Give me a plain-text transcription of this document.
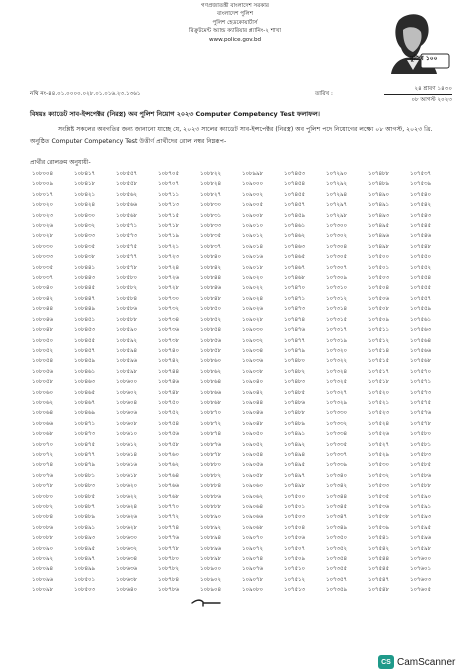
গণপ্রজাতন্ত্রী বাংলাদেশ সরকার
বাংলাদেশ পুলিশ
পুলিশ হেডকোয়ার্টার্স
রিক্রুটমেন্ট অ্যান্ড ক্যারিয়ার প্ল্যানিং-২ শাখা
www.police.gov.bd
মুজিব ১০০
নথি নং-৪৪.০১.০০০০.০২৮.০১.০১৬.২৩.১৩৬১	তারিখ :
২৪ শ্রাবণ ১৪৩০
০৮ আগস্ট ২০২৩
বিষয়ঃ ক্যাডেট সাব-ইন্সপেক্টর (নিরস্ত্র) অব পুলিশ নিয়োগ ২০২৩ Computer Competency Test ফলাফল।
সংশ্লিষ্ট সকলের অবগতির জন্য জানানো যাচ্ছে যে, ২০২৩ সালের ক্যাডেট সাব-ইন্সপেক্টর (নিরস্ত্র) অব পুলিশ পদে নিয়োগের লক্ষ্যে ০৮ আগস্ট, ২০২৩ খ্রি. অনুষ্ঠিত Computer Competency Test উত্তীর্ণ প্রার্থীদের রোল নম্বর নিম্নরূপ-
প্রার্থীর রোলক্রম অনুযায়ী-
১০৮০০৪	১০৮৪১৭	১০৮৫৫৭	১০৮৭০৫	১০৮৮২২	১০৮৯৯৮	১০৭৪৫৩	১০৭২৯০	১০৭৪৮৮	১০৭৫৩৭
১০৮০০৯	১০৮৪১৮	১০৮৫৫৮	১০৮৭০৭	১০৮৮২৪	১০৯০০০	১০৭৪৫৪	১০৭২৯২	১০৭৪৮৯	১০৭৫৩৯
১০৮০১৭	১০৮৪২১	১০৮৫৬২	১০৮৭১১	১০৮৮২৭	১০৯০০২	১০৭৪৫৫	১০৭২৯৪	১০৭৪৯০	১০৭৫৪০
১০৮০২০	১০৮৪২৪	১০৮৫৬৬	১০৮৭১৩	১০৮৮৩০	১০৯০০৫	১০৭৪৫৭	১০৭২৯৭	১০৭৪৯১	১০৭৫৪২
১০৮০২৩	১০৮৪৩০	১০৮৫৬৮	১০৮৭১৫	১০৮৮৩১	১০৯০০৮	১০৭৪৫৯	১০৭২৯৮	১০৭৪৯৩	১০৭৫৪৩
১০৮০২৬	১০৮৪৩২	১০৮৫৭১	১০৮৭১৮	১০৮৮৩৩	১০৯০১০	১০৭৪৬১	১০৭৩০০	১০৭৪৯৫	১০৭৫৪৫
১০৮০২৮	১০৮৪৩৩	১০৮৫৭৩	১০৮৭১৯	১০৮৮৩৫	১০৯০১২	১০৭৪৬২	১০৭৩০২	১০৭৪৯৬	১০৭৫৪৬
১০৮০৩০	১০৮৪৩৫	১০৮৫৭৫	১০৮৭২১	১০৮৮৩৭	১০৯০১৪	১০৭৪৬৩	১০৭৩০৪	১০৭৪৯৮	১০৭৫৪৮
১০৮০৩৩	১০৮৪৩৮	১০৮৫৭৭	১০৮৭২৩	১০৮৮৪০	১০৯০১৬	১০৭৪৬৫	১০৭৩০৫	১০৭৫০০	১০৭৫৫০
১০৮০৩৫	১০৮৪৪১	১০৮৫৭৮	১০৮৭২৪	১০৮৮৪২	১০৯০১৮	১০৭৪৬৭	১০৭৩০৭	১০৭৫০১	১০৭৫৫২
১০৮০৩৭	১০৮৪৪৩	১০৮৫৮০	১০৮৭২৬	১০৮৮৪৪	১০৯০২০	১০৭৪৬৮	১০৭৩০৯	১০৭৫০৩	১০৭৫৫৪
১০৮০৪০	১০৮৪৪৫	১০৮৫৮২	১০৮৭২৮	১০৮৮৪৬	১০৯০২২	১০৭৪৭০	১০৭৩১০	১০৭৫০৪	১০৭৫৫৫
১০৮০৪২	১০৮৪৪৭	১০৮৫৮৪	১০৮৭৩০	১০৮৮৪৮	১০৯০২৪	১০৭৪৭১	১০৭৩১২	১০৭৫০৬	১০৭৫৫৭
১০৮০৪৪	১০৮৪৪৯	১০৮৫৮৬	১০৮৭৩২	১০৮৮৫০	১০৯০২৬	১০৭৪৭৩	১০৭৩১৪	১০৭৫০৮	১০৭৫৫৯
১০৮০৪৬	১০৮৪৫১	১০৮৫৮৮	১০৮৭৩৪	১০৮৮৫২	১০৯০২৮	১০৭৪৭৪	১০৭৩১৫	১০৭৫০৯	১০৭৫৬১
১০৮০৪৮	১০৮৪৫৩	১০৮৫৯০	১০৮৭৩৬	১০৮৮৫৪	১০৯০৩০	১০৭৪৭৬	১০৭৩১৭	১০৭৫১১	১০৭৫৬৩
১০৮০৫০	১০৮৪৫৫	১০৮৫৯২	১০৮৭৩৮	১০৮৮৫৬	১০৯০৩২	১০৭৪৭৭	১০৭৩১৯	১০৭৫১২	১০৭৫৬৪
১০৮০৫২	১০৮৪৫৭	১০৮৫৯৪	১০৮৭৪০	১০৮৮৫৮	১০৯০৩৪	১০৭৪৭৯	১০৭৩২০	১০৭৫১৪	১০৭৫৬৬
১০৮০৫৪	১০৮৪৫৯	১০৮৫৯৬	১০৮৭৪২	১০৮৮৬০	১০৯০৩৬	১০৭৪৮০	১০৭৩২২	১০৭৫১৫	১০৭৫৬৮
১০৮০৫৬	১০৮৪৬১	১০৮৫৯৮	১০৮৭৪৪	১০৮৮৬২	১০৯০৩৮	১০৭৪৮২	১০৭৩২৪	১০৭৫১৭	১০৭৫৭০
১০৮০৫৮	১০৮৪৬৩	১০৮৬০০	১০৮৭৪৬	১০৮৮৬৪	১০৯০৪০	১০৭৪৮৩	১০৭৩২৫	১০৭৫১৮	১০৭৫৭১
১০৮০৬০	১০৮৪৬৫	১০৮৬০২	১০৮৭৪৮	১০৮৮৬৬	১০৯০৪২	১০৭৪৮৫	১০৭৩২৭	১০৭৫২০	১০৭৫৭৩
১০৮০৬২	১০৮৪৬৭	১০৮৬০৪	১০৮৭৫০	১০৮৮৬৮	১০৯০৪৪	১০৭৪৮৬	১০৭৩২৯	১০৭৫২১	১০৭৫৭৫
১০৮০৬৪	১০৮৪৬৯	১০৮৬০৬	১০৮৭৫২	১০৮৮৭০	১০৯০৪৬	১০৭৪৮৮	১০৭৩৩০	১০৭৫২৩	১০৭৫৭৬
১০৮০৬৬	১০৮৪৭১	১০৮৬০৮	১০৮৭৫৪	১০৮৮৭২	১০৯০৪৮	১০৭৪৮৯	১০৭৩৩২	১০৭৫২৪	১০৭৫৭৮
১০৮০৬৮	১০৮৪৭৩	১০৮৬১০	১০৮৭৫৬	১০৮৮৭৪	১০৯০৫০	১০৭৪৯১	১০৭৩৩৪	১০৭৫২৬	১০৭৫৮০
১০৮০৭০	১০৮৪৭৫	১০৮৬১২	১০৮৭৫৮	১০৮৮৭৬	১০৯০৫২	১০৭৪৯২	১০৭৩৩৫	১০৭৫২৭	১০৭৫৮১
১০৮০৭২	১০৮৪৭৭	১০৮৬১৪	১০৮৭৬০	১০৮৮৭৮	১০৯০৫৪	১০৭৪৯৪	১০৭৩৩৭	১০৭৫২৯	১০৭৫৮৩
১০৮০৭৪	১০৮৪৭৯	১০৮৬১৬	১০৮৭৬২	১০৮৮৮০	১০৯০৫৬	১০৭৪৯৫	১০৭৩৩৯	১০৭৫৩০	১০৭৫৮৫
১০৮০৭৬	১০৮৪৮১	১০৮৬১৮	১০৮৭৬৪	১০৮৮৮২	১০৯০৫৮	১০৭৪৯৭	১০৭৩৪০	১০৭৫৩২	১০৭৫৮৬
১০৮০৭৮	১০৮৪৮৩	১০৮৬২০	১০৮৭৬৬	১০৮৮৮৪	১০৯০৬০	১০৭৪৯৮	১০৭৩৪২	১০৭৫৩৩	১০৭৫৮৮
১০৮০৮০	১০৮৪৮৫	১০৮৬২২	১০৮৭৬৮	১০৮৮৮৬	১০৯০৬২	১০৭৫০০	১০৭৩৪৪	১০৭৫৩৫	১০৭৫৯০
১০৮০৮২	১০৮৪৮৭	১০৮৬২৪	১০৮৭৭০	১০৮৮৮৮	১০৯০৬৪	১০৭৫০১	১০৭৩৪৫	১০৭৫৩৬	১০৭৫৯১
১০৮০৮৪	১০৮৪৮৯	১০৮৬২৬	১০৮৭৭২	১০৮৮৯০	১০৯০৬৬	১০৭৫০৩	১০৭৩৪৭	১০৭৫৩৮	১০৭৫৯৩
১০৮০৮৬	১০৮৪৯১	১০৮৬২৮	১০৮৭৭৪	১০৮৮৯২	১০৯০৬৮	১০৭৫০৪	১০৭৩৪৯	১০৭৫৩৯	১০৭৫৯৫
১০৮০৮৮	১০৮৪৯৩	১০৮৬৩০	১০৮৭৭৬	১০৮৮৯৪	১০৯০৭০	১০৭৫০৬	১০৭৩৫০	১০৭৫৪১	১০৭৫৯৬
১০৮০৯০	১০৮৪৯৫	১০৮৬৩২	১০৮৭৭৮	১০৮৮৯৬	১০৯০৭২	১০৭৫০৭	১০৭৩৫২	১০৭৫৪২	১০৭৫৯৮
১০৮০৯২	১০৮৪৯৭	১০৮৬৩৪	১০৮৭৮০	১০৮৮৯৮	১০৯০৭৪	১০৭৫০৯	১০৭৩৫৪	১০৭৫৪৪	১০৭৬০০
১০৮০৯৪	১০৮৪৯৯	১০৮৬৩৬	১০৮৭৮২	১০৮৯০০	১০৯০৭৬	১০৭৫১০	১০৭৩৫৫	১০৭৫৪৫	১০৭৬০১
১০৮০৯৬	১০৮৫০১	১০৮৬৩৮	১০৮৭৮৪	১০৮৯০২	১০৯০৭৮	১০৭৫১২	১০৭৩৫৭	১০৭৫৪৭	১০৭৬০৩
১০৮০৯৮	১০৮৫০৩	১০৮৬৪০	১০৮৭৮৬	১০৮৯০৪	১০৯০৮০	১০৭৫১৩	১০৭৩৫৯	১০৭৫৪৮	১০৭৬০৫
CS CamScanner
